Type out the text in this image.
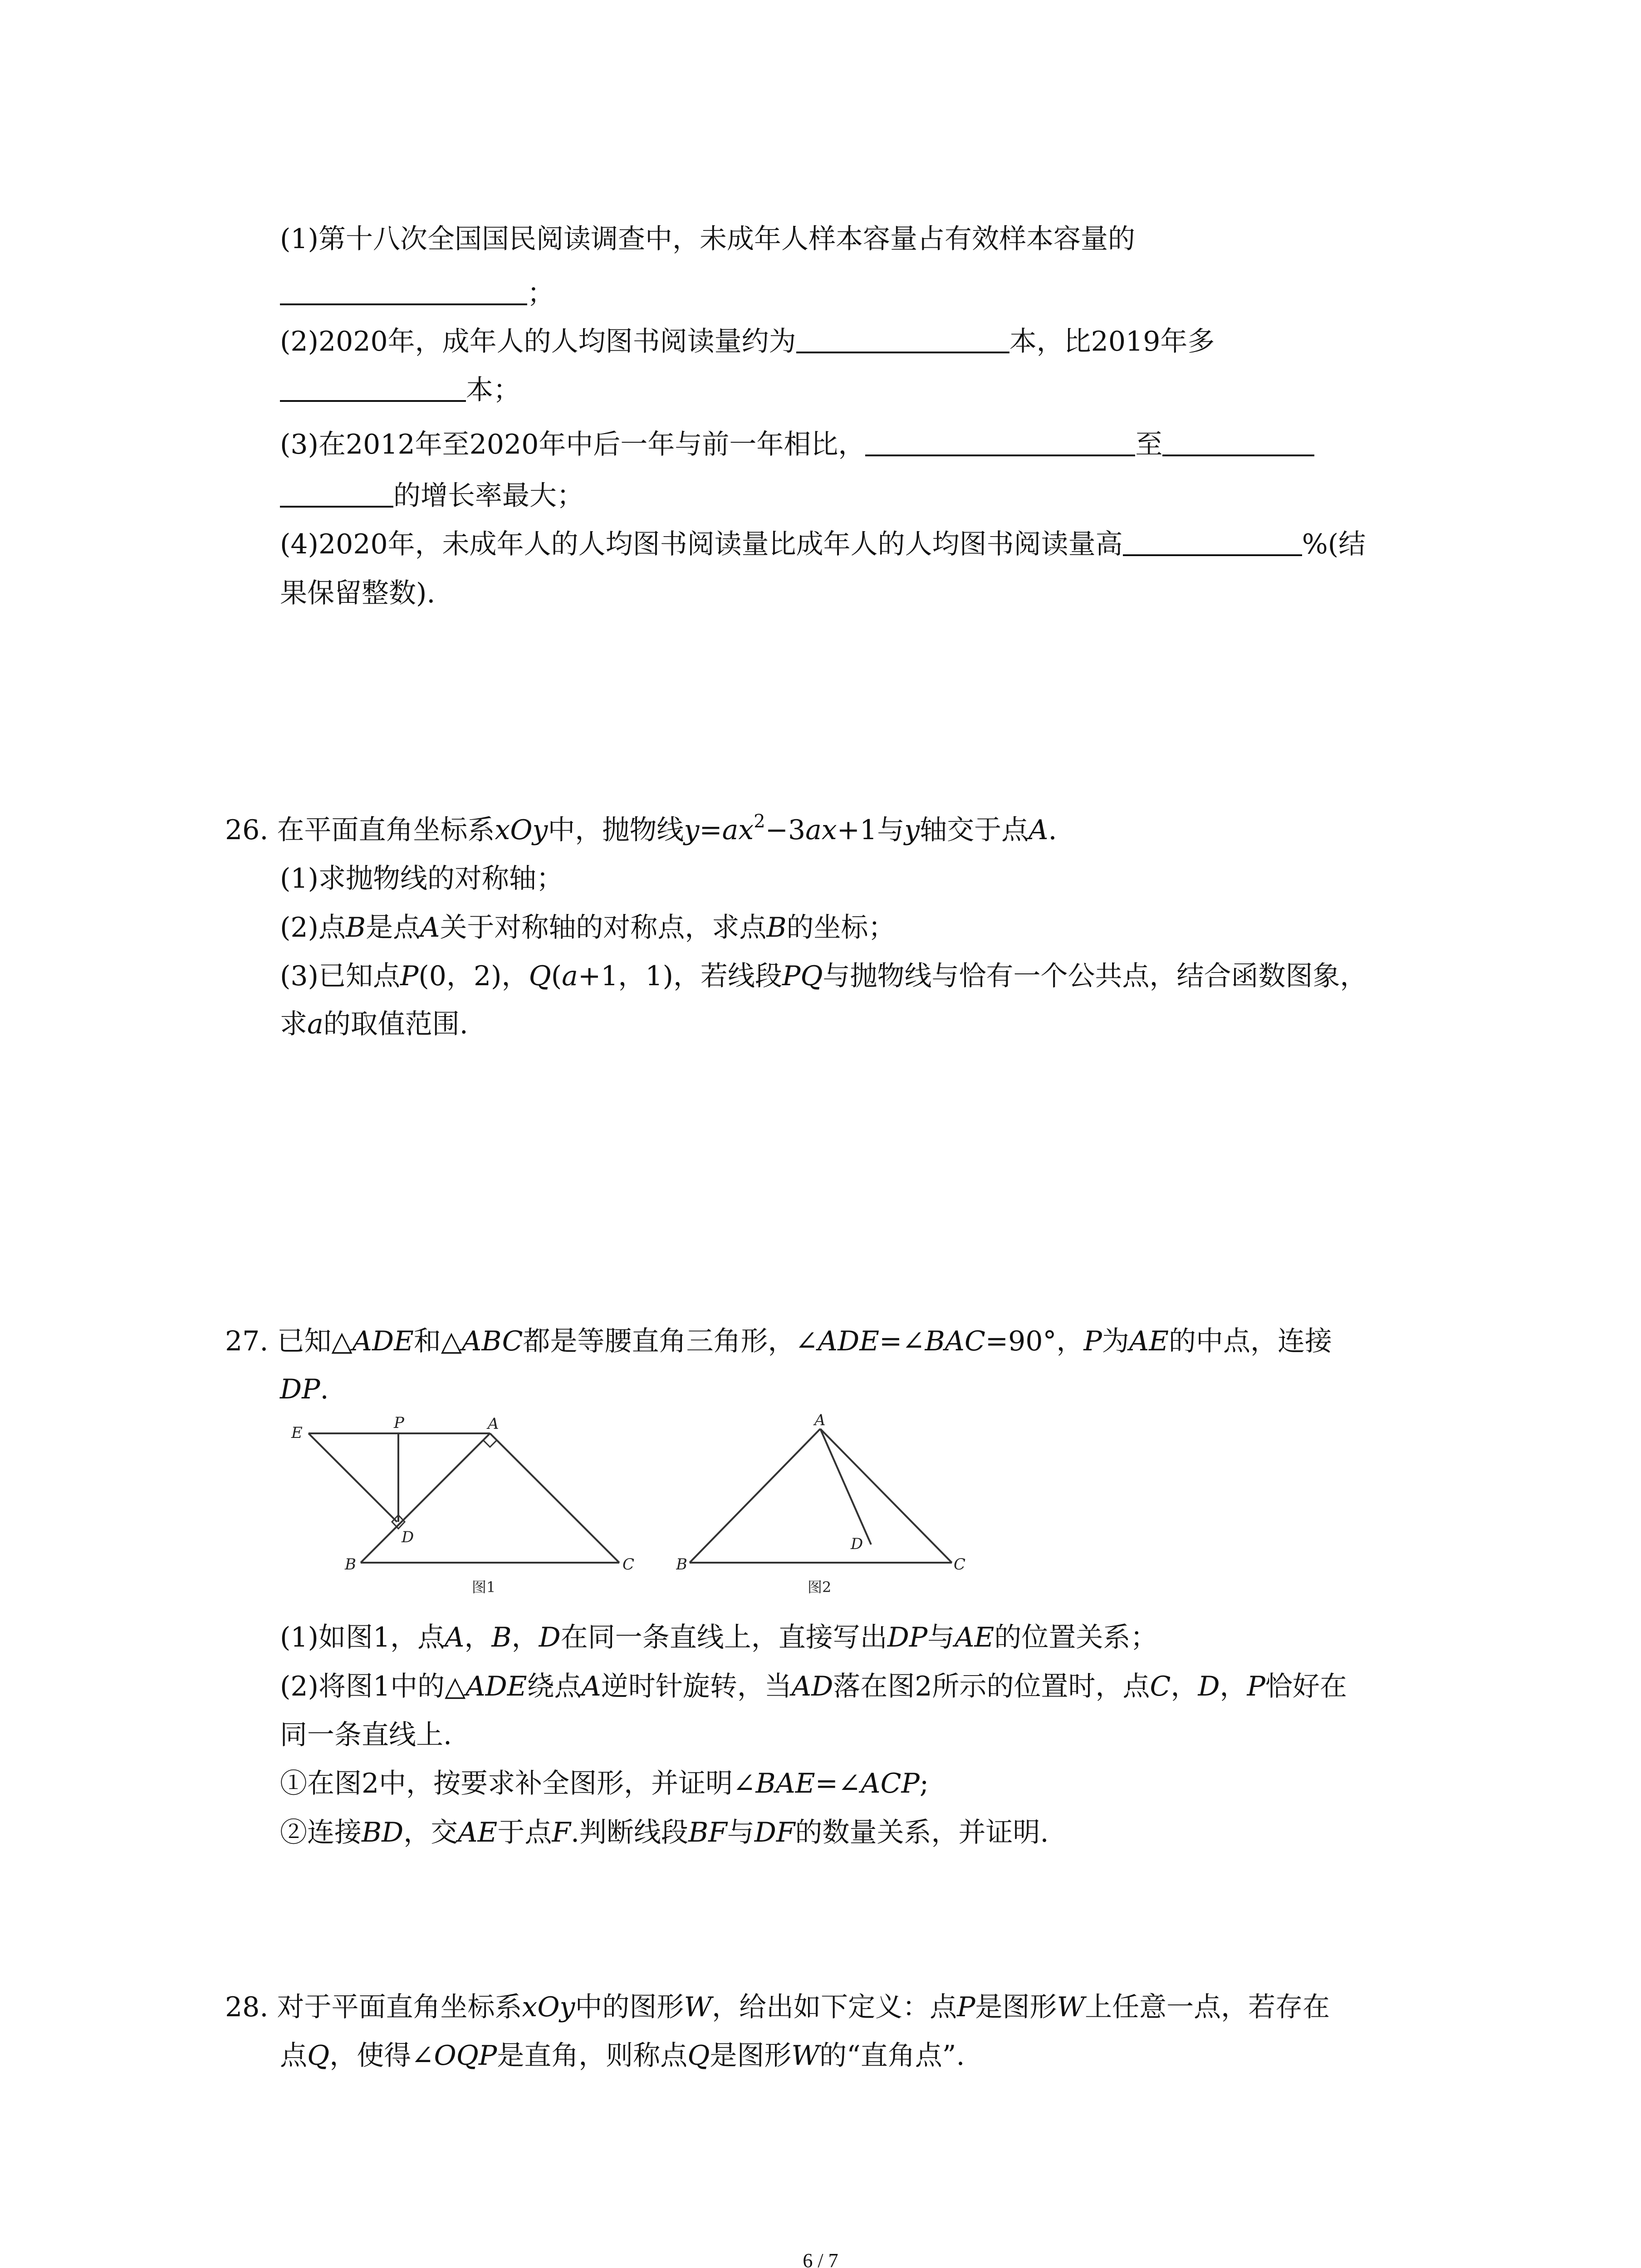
(1)第十八次全国国民阅读调查中，未成年人样本容量占有效样本容量的
；
(2)2020年，成年人的人均图书阅读量约为	本，比2019年多
本；
(3)在2012年至2020年中后一年与前一年相比，	至
的增长率最大；
(4)2020年，未成年人的人均图书阅读量比成年人的人均图书阅读量高	%(结
果保留整数).
26. 在平面直角坐标系xOy中，抛物线$y=ax^2-3ax+1$与y轴交于点A.
(1)求抛物线的对称轴；
(2)点B是点A关于对称轴的对称点，求点B的坐标；
(3)已知点P(0，2)，Q(a+1，1)，若线段PQ与抛物线与恰有一个公共点，结合函数图象，
求a的取值范围.
27. 已知△ADE和△ABC都是等腰直角三角形，∠ADE=∠BAC=90°，P为AE的中点，连接
DP.
E
P	A
D
B	C
图1
A
D
B	C
图2
(1)如图1，点A，B，D在同一条直线上，直接写出DP与AE的位置关系；
(2)将图1中的△ADE绕点A逆时针旋转，当AD落在图2所示的位置时，点C，D，P恰好在
同一条直线上.
①在图2中，按要求补全图形，并证明∠BAE=∠ACP;
②连接BD，交AE于点F.判断线段BF与DF的数量关系，并证明.
28. 对于平面直角坐标系xOy中的图形W，给出如下定义：点P是图形W上任意一点，若存在
点Q，使得∠OQP是直角，则称点Q是图形W的“直角点”.
6 / 7
